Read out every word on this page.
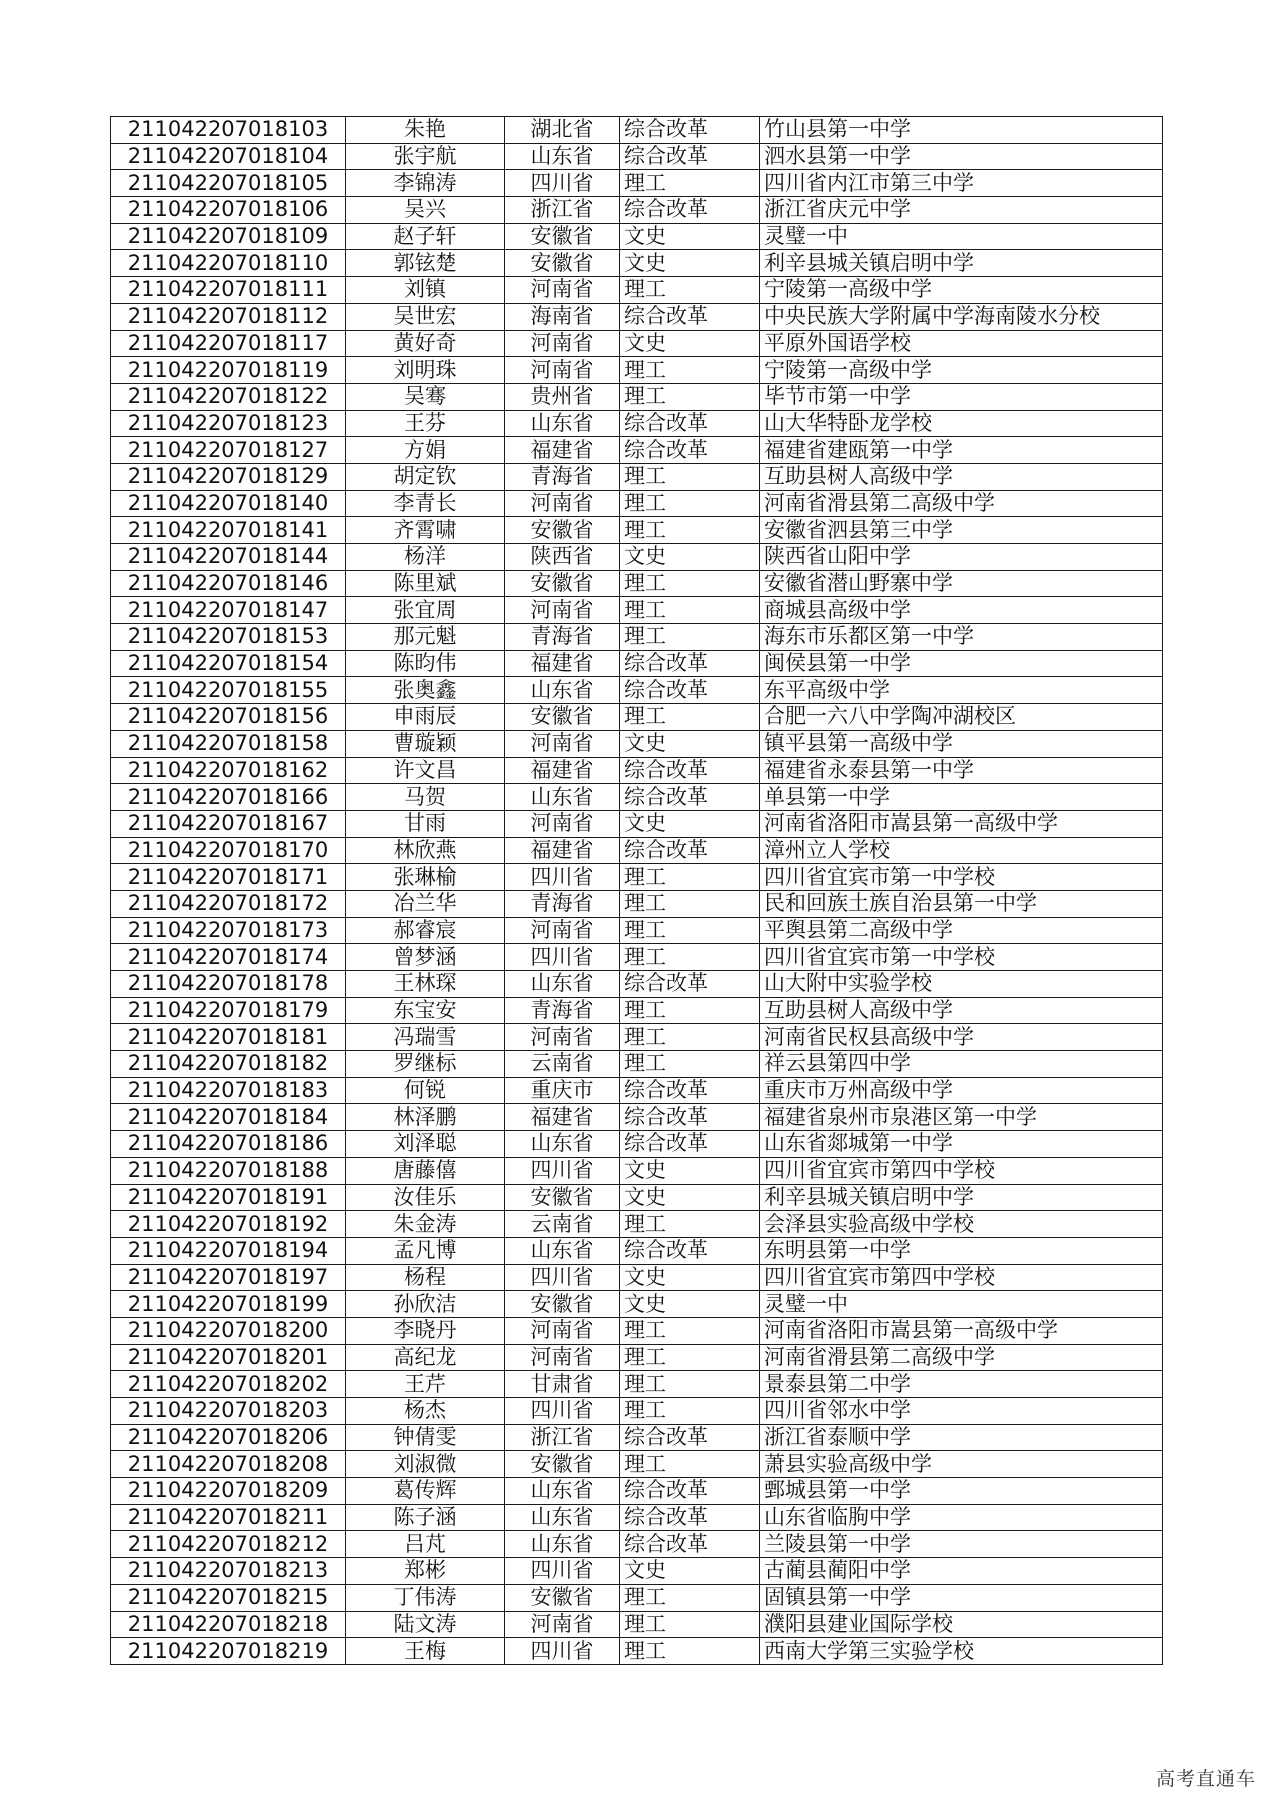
211042207018103	朱艳	湖北省	综合改革	竹山县第一中学
211042207018104	张宇航	山东省	综合改革	泗水县第一中学
211042207018105	李锦涛	四川省	理工	四川省内江市第三中学
211042207018106	吴兴	浙江省	综合改革	浙江省庆元中学
211042207018109	赵子轩	安徽省	文史	灵璧一中
211042207018110	郭铉楚	安徽省	文史	利辛县城关镇启明中学
211042207018111	刘镇	河南省	理工	宁陵第一高级中学
211042207018112	吴世宏	海南省	综合改革	中央民族大学附属中学海南陵水分校
211042207018117	黄好奇	河南省	文史	平原外国语学校
211042207018119	刘明珠	河南省	理工	宁陵第一高级中学
211042207018122	吴骞	贵州省	理工	毕节市第一中学
211042207018123	王芬	山东省	综合改革	山大华特卧龙学校
211042207018127	方娟	福建省	综合改革	福建省建瓯第一中学
211042207018129	胡定钦	青海省	理工	互助县树人高级中学
211042207018140	李青长	河南省	理工	河南省滑县第二高级中学
211042207018141	齐霄啸	安徽省	理工	安徽省泗县第三中学
211042207018144	杨洋	陕西省	文史	陕西省山阳中学
211042207018146	陈里斌	安徽省	理工	安徽省潜山野寨中学
211042207018147	张宜周	河南省	理工	商城县高级中学
211042207018153	那元魁	青海省	理工	海东市乐都区第一中学
211042207018154	陈昀伟	福建省	综合改革	闽侯县第一中学
211042207018155	张奥鑫	山东省	综合改革	东平高级中学
211042207018156	申雨辰	安徽省	理工	合肥一六八中学陶冲湖校区
211042207018158	曹璇颖	河南省	文史	镇平县第一高级中学
211042207018162	许文昌	福建省	综合改革	福建省永泰县第一中学
211042207018166	马贺	山东省	综合改革	单县第一中学
211042207018167	甘雨	河南省	文史	河南省洛阳市嵩县第一高级中学
211042207018170	林欣燕	福建省	综合改革	漳州立人学校
211042207018171	张琳榆	四川省	理工	四川省宜宾市第一中学校
211042207018172	冶兰华	青海省	理工	民和回族土族自治县第一中学
211042207018173	郝睿宸	河南省	理工	平舆县第二高级中学
211042207018174	曾梦涵	四川省	理工	四川省宜宾市第一中学校
211042207018178	王林琛	山东省	综合改革	山大附中实验学校
211042207018179	东宝安	青海省	理工	互助县树人高级中学
211042207018181	冯瑞雪	河南省	理工	河南省民权县高级中学
211042207018182	罗继标	云南省	理工	祥云县第四中学
211042207018183	何锐	重庆市	综合改革	重庆市万州高级中学
211042207018184	林泽鹏	福建省	综合改革	福建省泉州市泉港区第一中学
211042207018186	刘泽聪	山东省	综合改革	山东省郯城第一中学
211042207018188	唐藤僖	四川省	文史	四川省宜宾市第四中学校
211042207018191	汝佳乐	安徽省	文史	利辛县城关镇启明中学
211042207018192	朱金涛	云南省	理工	会泽县实验高级中学校
211042207018194	孟凡博	山东省	综合改革	东明县第一中学
211042207018197	杨程	四川省	文史	四川省宜宾市第四中学校
211042207018199	孙欣洁	安徽省	文史	灵璧一中
211042207018200	李晓丹	河南省	理工	河南省洛阳市嵩县第一高级中学
211042207018201	高纪龙	河南省	理工	河南省滑县第二高级中学
211042207018202	王芹	甘肃省	理工	景泰县第二中学
211042207018203	杨杰	四川省	理工	四川省邻水中学
211042207018206	钟倩雯	浙江省	综合改革	浙江省泰顺中学
211042207018208	刘淑微	安徽省	理工	萧县实验高级中学
211042207018209	葛传辉	山东省	综合改革	鄄城县第一中学
211042207018211	陈子涵	山东省	综合改革	山东省临朐中学
211042207018212	吕芃	山东省	综合改革	兰陵县第一中学
211042207018213	郑彬	四川省	文史	古蔺县蔺阳中学
211042207018215	丁伟涛	安徽省	理工	固镇县第一中学
211042207018218	陆文涛	河南省	理工	濮阳县建业国际学校
211042207018219	王梅	四川省	理工	西南大学第三实验学校
高考直通车
